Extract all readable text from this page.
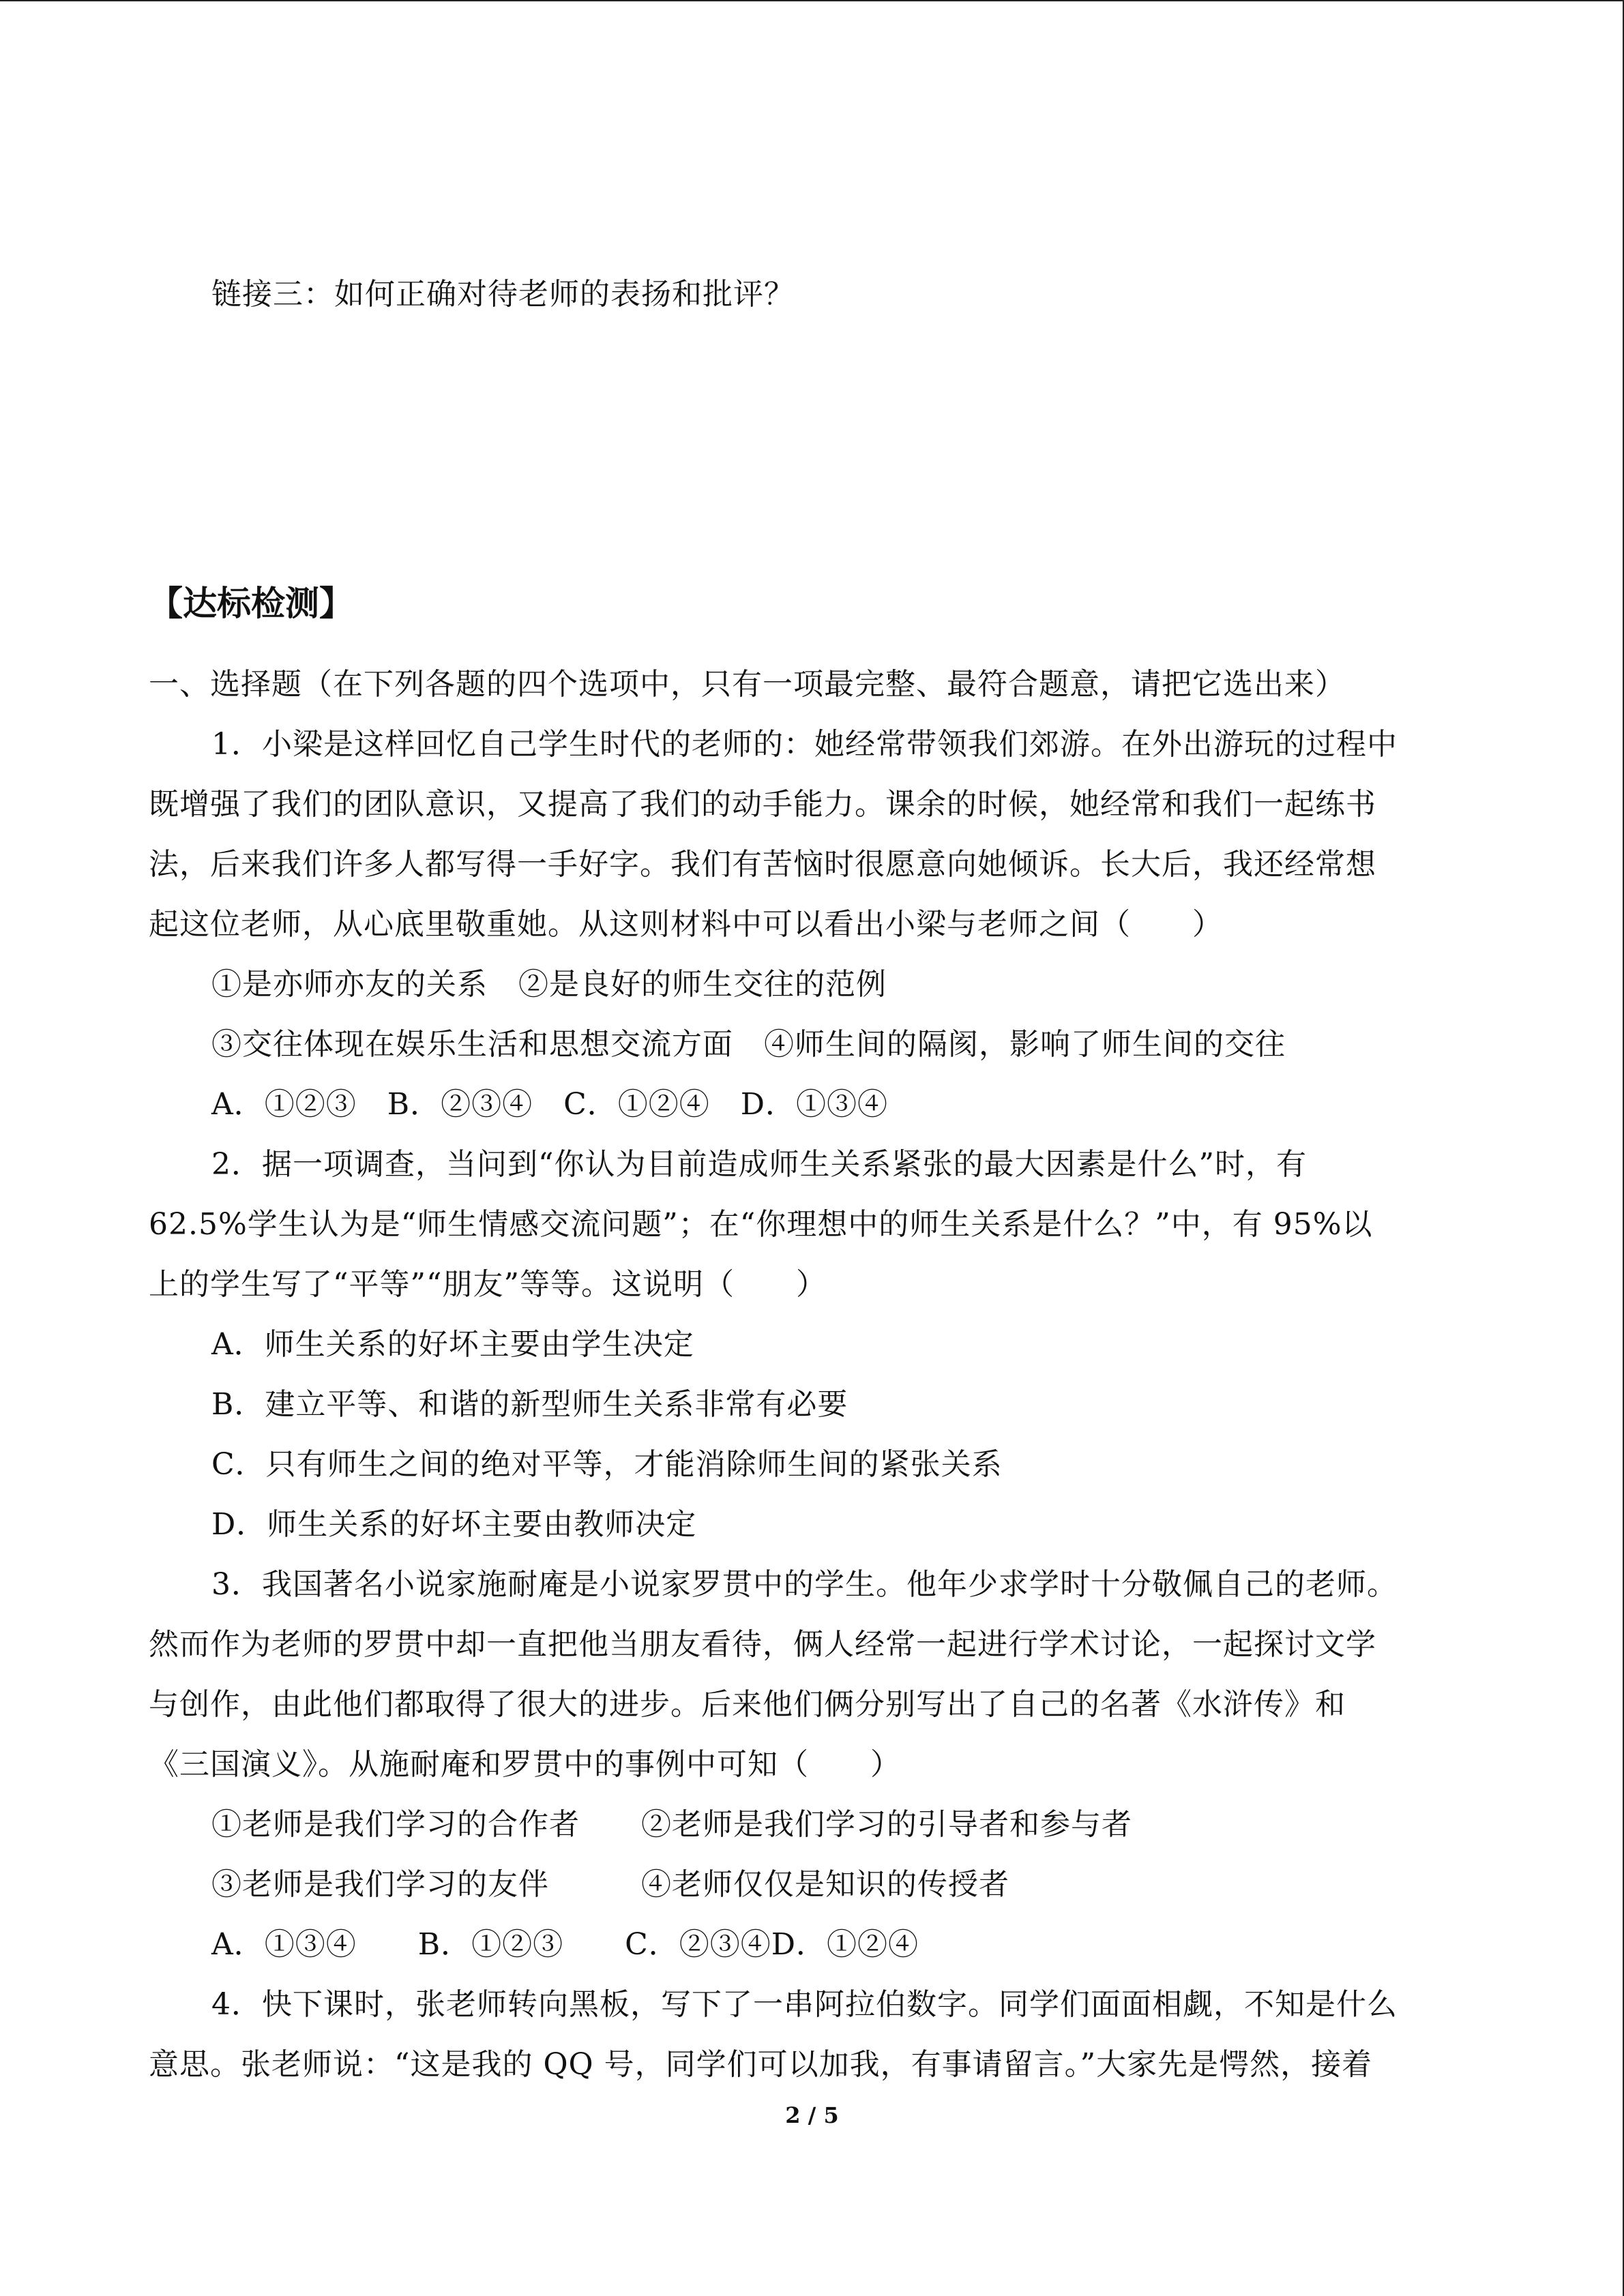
链接三：如何正确对待老师的表扬和批评？
【达标检测】
一、选择题（在下列各题的四个选项中，只有一项最完整、最符合题意，请把它选出来）
1．小梁是这样回忆自己学生时代的老师的：她经常带领我们郊游。在外出游玩的过程中
既增强了我们的团队意识，又提高了我们的动手能力。课余的时候，她经常和我们一起练书
法，后来我们许多人都写得一手好字。我们有苦恼时很愿意向她倾诉。长大后，我还经常想
起这位老师，从心底里敬重她。从这则材料中可以看出小梁与老师之间（　　）
①是亦师亦友的关系　②是良好的师生交往的范例
③交往体现在娱乐生活和思想交流方面　④师生间的隔阂，影响了师生间的交往
A．①②③　B．②③④　C．①②④　D．①③④
2．据一项调查，当问到“你认为目前造成师生关系紧张的最大因素是什么”时，有
62.5%学生认为是“师生情感交流问题”；在“你理想中的师生关系是什么？”中，有 95%以
上的学生写了“平等”“朋友”等等。这说明（　　）
A．师生关系的好坏主要由学生决定
B．建立平等、和谐的新型师生关系非常有必要
C．只有师生之间的绝对平等，才能消除师生间的紧张关系
D．师生关系的好坏主要由教师决定
3．我国著名小说家施耐庵是小说家罗贯中的学生。他年少求学时十分敬佩自己的老师。
然而作为老师的罗贯中却一直把他当朋友看待，俩人经常一起进行学术讨论，一起探讨文学
与创作，由此他们都取得了很大的进步。后来他们俩分别写出了自己的名著《水浒传》和
《三国演义》。从施耐庵和罗贯中的事例中可知（　　）
①老师是我们学习的合作者　　②老师是我们学习的引导者和参与者
③老师是我们学习的友伴　　　④老师仅仅是知识的传授者
A．①③④　　B．①②③　　C．②③④D．①②④
4．快下课时，张老师转向黑板，写下了一串阿拉伯数字。同学们面面相觑，不知是什么
意思。张老师说：“这是我的 QQ 号，同学们可以加我，有事请留言。”大家先是愕然，接着
2 / 5
